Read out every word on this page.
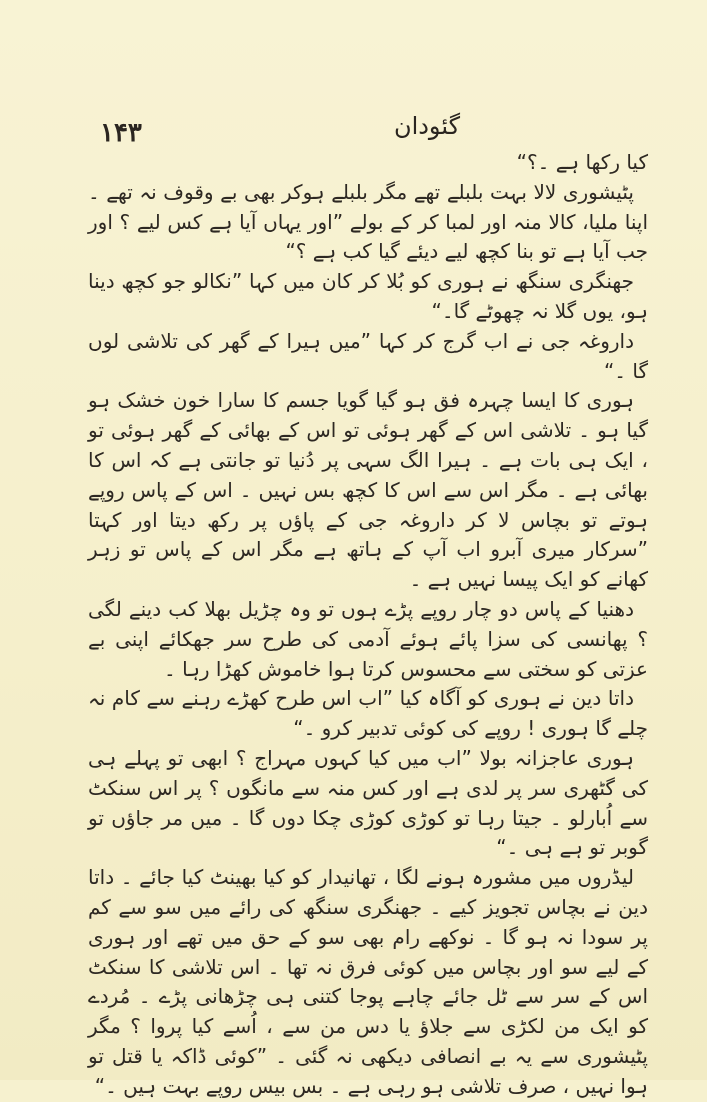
۱۴۳	گئودان

کیا رکھا ہے ۔؟“

پٹیشوری لالا بہت بلبلے تھے مگر بلبلے ہوکر بھی بے وقوف نہ تھے ۔ اپنا ملیا، کالا منہ اور لمبا کر کے بولے ”اور یہاں آیا ہے کس لیے ؟ اور جب آیا ہے تو بنا کچھ لیے دیئے گیا کب ہے ؟“

جھنگری سنگھ نے ہوری کو بُلا کر کان میں کہا ”نکالو جو کچھ دینا ہو، یوں گلا نہ چھوٹے گا۔“

داروغہ جی نے اب گرج کر کہا ”میں ہیرا کے گھر کی تلاشی لوں گا ۔“

ہوری کا ایسا چہرہ فق ہو گیا گویا جسم کا سارا خون خشک ہو گیا ہو ۔ تلاشی اس کے گھر ہوئی تو اس کے بھائی کے گھر ہوئی تو ، ایک ہی بات ہے ۔ ہیرا الگ سہی پر دُنیا تو جانتی ہے کہ اس کا بھائی ہے ۔ مگر اس سے اس کا کچھ بس نہیں ۔ اس کے پاس روپے ہوتے تو بچاس لا کر داروغہ جی کے پاؤں پر رکھ دیتا اور کہتا ”سرکار میری آبرو اب آپ کے ہاتھ ہے مگر اس کے پاس تو زہر کھانے کو ایک پیسا نہیں ہے ۔

دھنیا کے پاس دو چار روپے پڑے ہوں تو وہ چڑیل بھلا کب دینے لگی ؟ پھانسی کی سزا پائے ہوئے آدمی کی طرح سر جھکائے اپنی بے عزتی کو سختی سے محسوس کرتا ہوا خاموش کھڑا رہا ۔

داتا دین نے ہوری کو آگاہ کیا ”اب اس طرح کھڑے رہنے سے کام نہ چلے گا ہوری ! روپے کی کوئی تدبیر کرو ۔“

ہوری عاجزانہ بولا ”اب میں کیا کہوں مہراج ؟ ابھی تو پہلے ہی کی گٹھری سر پر لدی ہے اور کس منہ سے مانگوں ؟ پر اس سنکٹ سے اُبارلو ۔ جیتا رہا تو کوڑی کوڑی چکا دوں گا ۔ میں مر جاؤں تو گوبر تو ہے ہی ۔“

لیڈروں میں مشورہ ہونے لگا ، تھانیدار کو کیا بھینٹ کیا جائے ۔ داتا دین نے بچاس تجویز کیے ۔ جھنگری سنگھ کی رائے میں سو سے کم پر سودا نہ ہو گا ۔ نوکھے رام بھی سو کے حق میں تھے اور ہوری کے لیے سو اور بچاس میں کوئی فرق نہ تھا ۔ اس تلاشی کا سنکٹ اس کے سر سے ٹل جائے چاہے پوجا کتنی ہی چڑھانی پڑے ۔ مُردے کو ایک من لکڑی سے جلاؤ یا دس من سے ، اُسے کیا پروا ؟ مگر پٹیشوری سے یہ بے انصافی دیکھی نہ گئی ۔ ”کوئی ڈاکہ یا قتل تو ہوا نہیں ، صرف تلاشی ہو رہی ہے ۔ بس بیس روپے بہت ہیں ۔“
